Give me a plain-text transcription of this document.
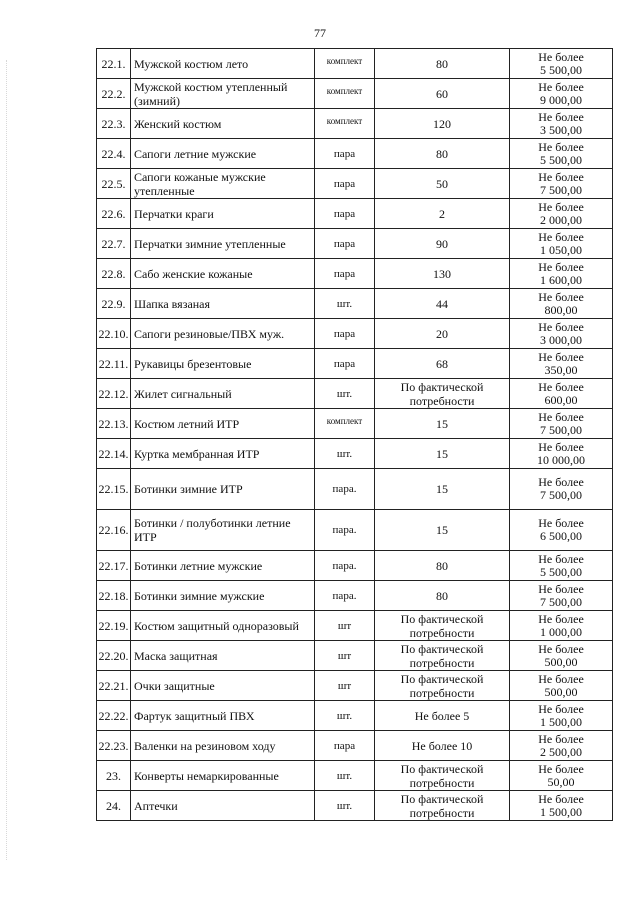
77
22.1.	Мужской костюм лето	комплект	80	Не более
5 500,00

22.2.	Мужской костюм утепленный (зимний)	комплект	60	Не более
9 000,00

22.3.	Женский костюм	комплект	120	Не более
3 500,00

22.4.	Сапоги летние мужские	пара	80	Не более
5 500,00

22.5.	Сапоги кожаные мужские утепленные	пара	50	Не более
7 500,00

22.6.	Перчатки краги	пара	2	Не более
2 000,00

22.7.	Перчатки зимние утепленные	пара	90	Не более
1 050,00

22.8.	Сабо женские кожаные	пара	130	Не более
1 600,00

22.9.	Шапка вязаная	шт.	44	Не более
800,00

22.10.	Сапоги резиновые/ПВХ муж.	пара	20	Не более
3 000,00

22.11.	Рукавицы брезентовые	пара	68	Не более
350,00

22.12.	Жилет сигнальный	шт.	По фактической потребности	Не более
600,00

22.13.	Костюм летний ИТР	комплект	15	Не более
7 500,00

22.14.	Куртка мембранная ИТР	шт.	15	Не более
10 000,00

22.15.	Ботинки зимние ИТР	пара.	15	Не более
7 500,00

22.16.	Ботинки / полуботинки летние ИТР	пара.	15	Не более
6 500,00

22.17.	Ботинки летние мужские	пара.	80	Не более
5 500,00

22.18.	Ботинки зимние мужские	пара.	80	Не более
7 500,00

22.19.	Костюм защитный одноразовый	шт	По фактической потребности	Не более
1 000,00

22.20.	Маска защитная	шт	По фактической потребности	Не более
500,00

22.21.	Очки защитные	шт	По фактической потребности	Не более
500,00

22.22.	Фартук защитный ПВХ	шт.	Не более 5	Не более
1 500,00

22.23.	Валенки на резиновом ходу	пара	Не более 10	Не более
2 500,00

23.	Конверты немаркированные	шт.	По фактической потребности	Не более
50,00

24.	Аптечки	шт.	По фактической потребности	Не более
1 500,00
